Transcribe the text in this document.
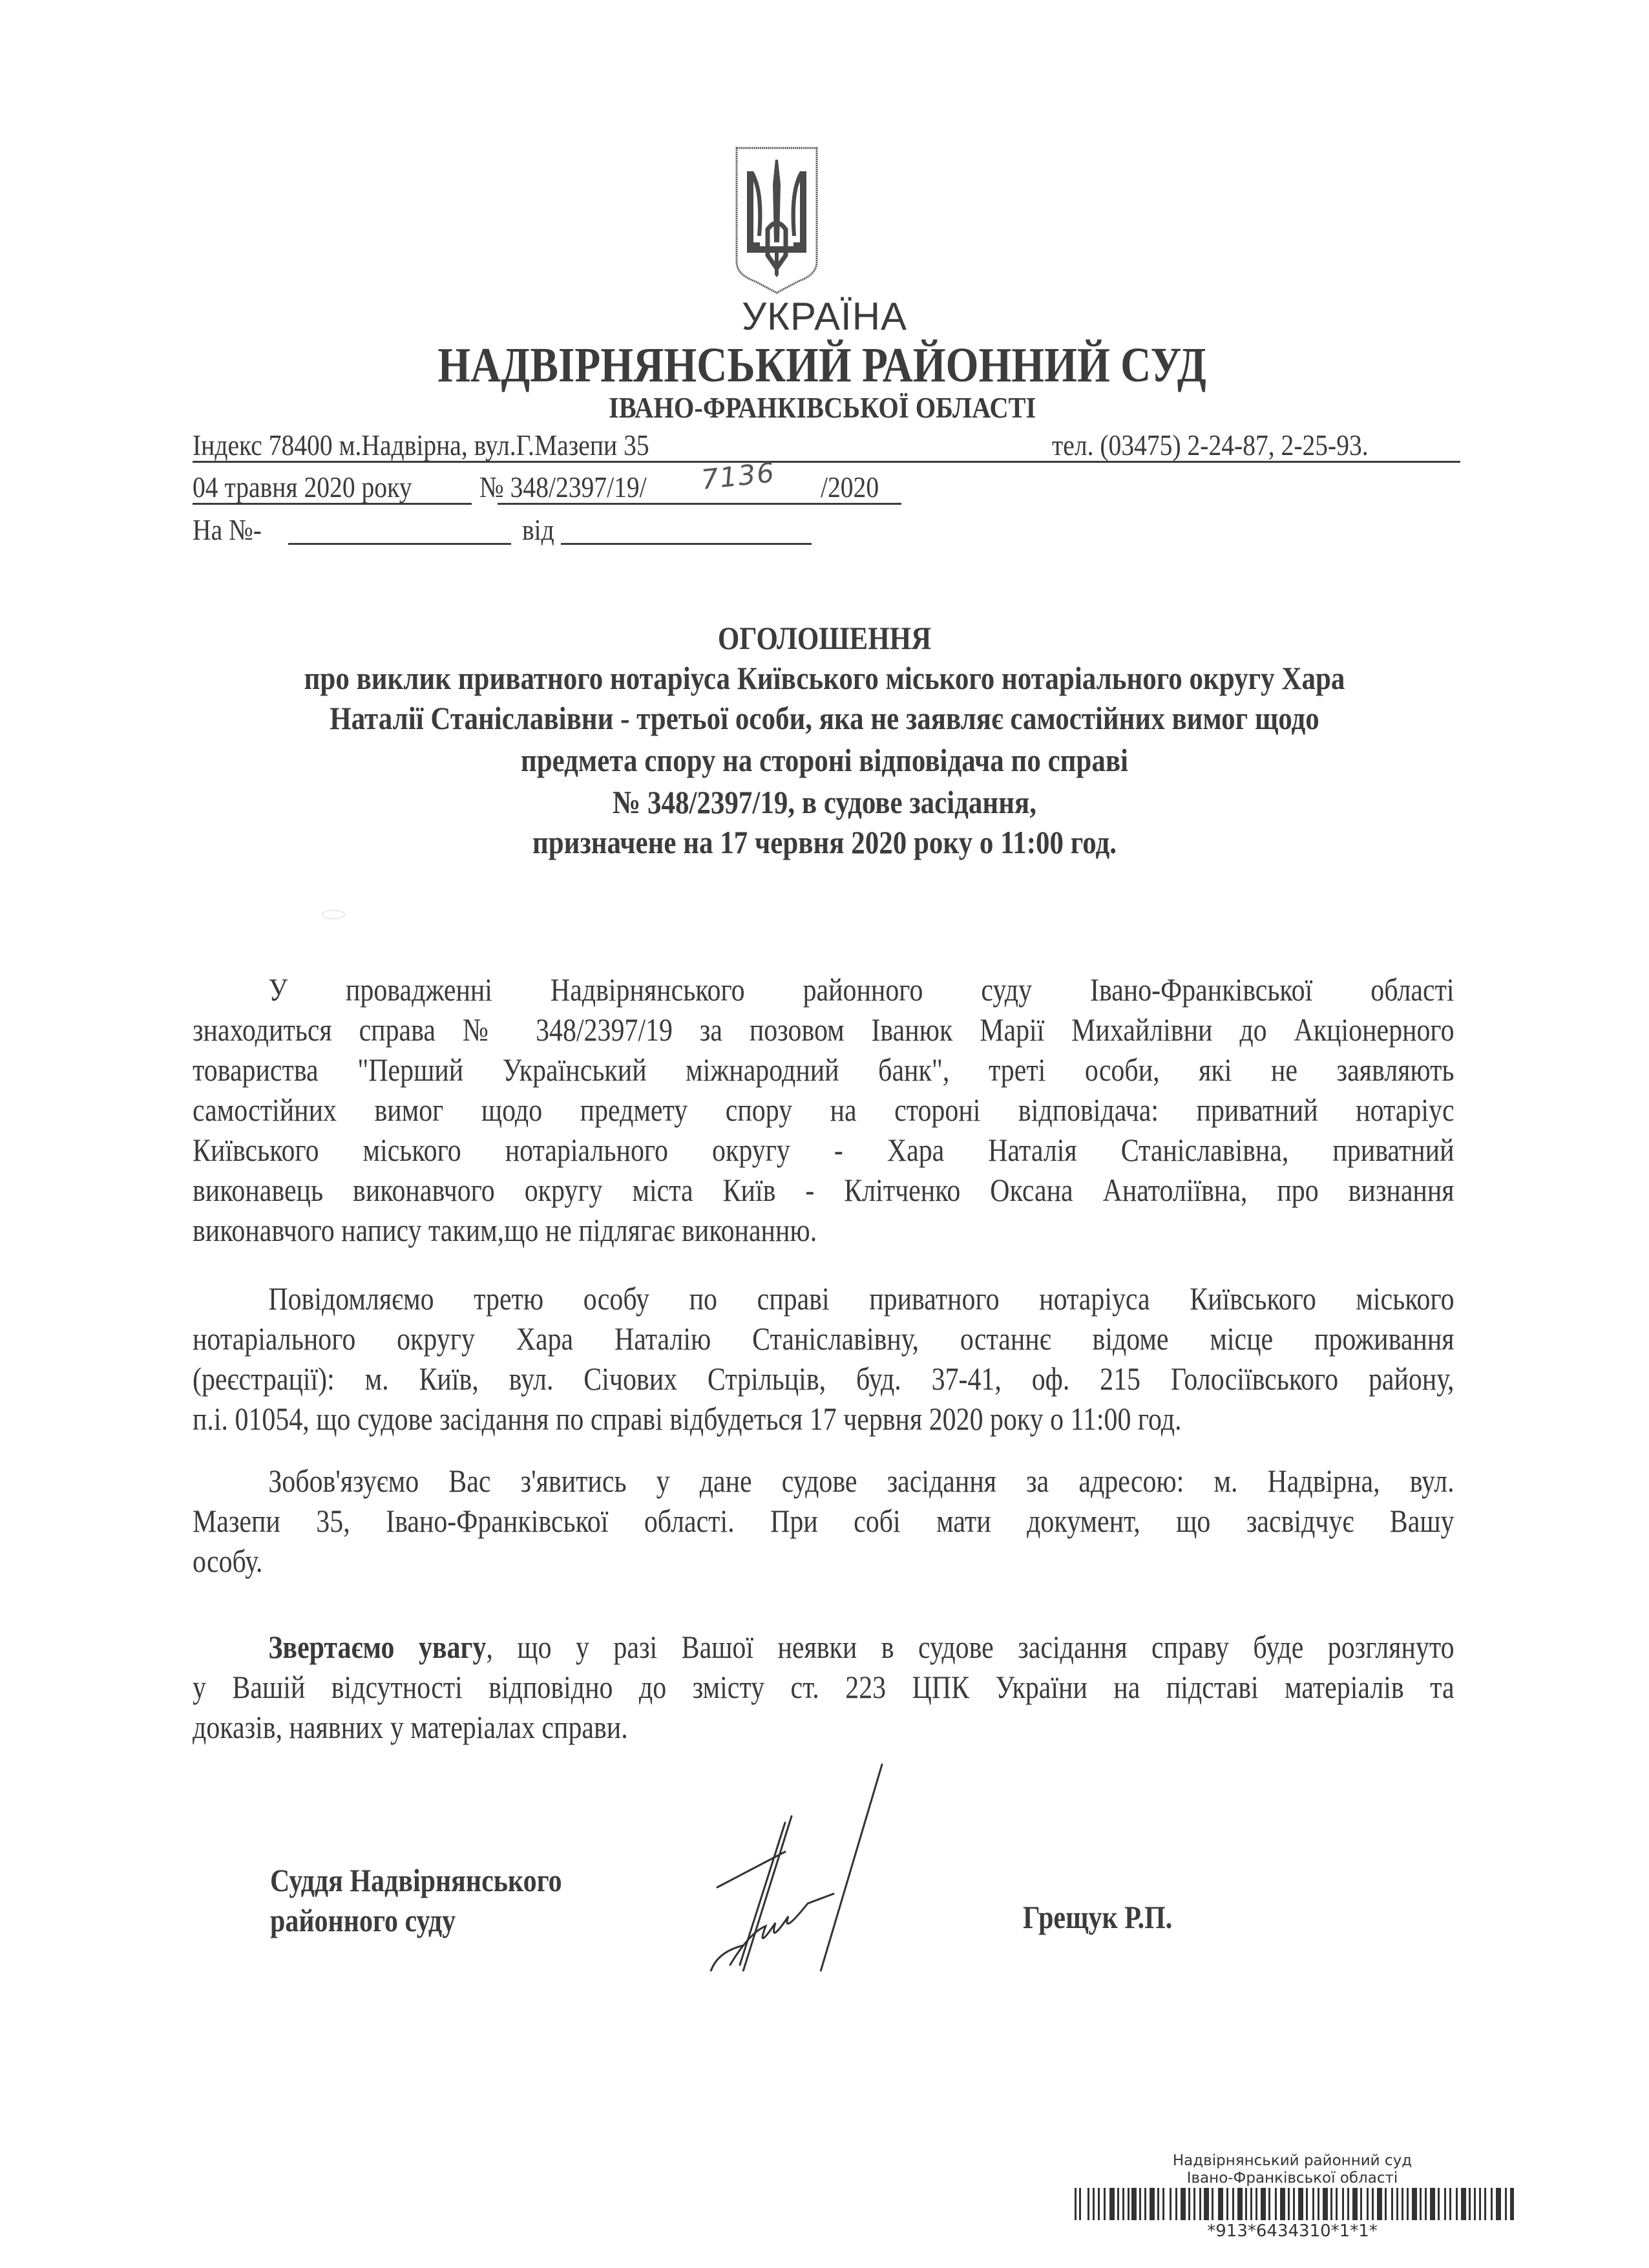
УКРАЇНА
НАДВІРНЯНСЬКИЙ РАЙОННИЙ СУД
ІВАНО-ФРАНКІВСЬКОЇ ОБЛАСТІ
Індекс 78400 м.Надвірна, вул.Г.Мазепи 35	тел. (03475) 2-24-87, 2-25-93.
04 травня 2020 року № 348/2397/19/ 7136 /2020
На №-	від
ОГОЛОШЕННЯ
про виклик приватного нотаріуса Київського міського нотаріального округу Хара
Наталії Станіславівни - третьої особи, яка не заявляє самостійних вимог щодо
предмета спору на стороні відповідача по справі
№ 348/2397/19, в судове засідання,
призначене на 17 червня 2020 року о 11:00 год.
У провадженні Надвірнянського районного суду Івано-Франківської області
знаходиться справа № 348/2397/19 за позовом Іванюк Марії Михайлівни до Акціонерного
товариства "Перший Український міжнародний банк", треті особи, які не заявляють
самостійних вимог щодо предмету спору на стороні відповідача: приватний нотаріус
Київського міського нотаріального округу - Хара Наталія Станіславівна, приватний
виконавець виконавчого округу міста Київ - Клітченко Оксана Анатоліївна, про визнання
виконавчого напису таким,що не підлягає виконанню.
Повідомляємо третю особу по справі приватного нотаріуса Київського міського
нотаріального округу Хара Наталію Станіславівну, останнє відоме місце проживання
(реєстрації): м. Київ, вул. Січових Стрільців, буд. 37-41, оф. 215 Голосіївського району,
п.і. 01054, що судове засідання по справі відбудеться 17 червня 2020 року о 11:00 год.
Зобов'язуємо Вас з'явитись у дане судове засідання за адресою: м. Надвірна, вул.
Мазепи 35, Івано-Франківської області. При собі мати документ, що засвідчує Вашу
особу.
Звертаємо увагу, що у разі Вашої неявки в судове засідання справу буде розглянуто
у Вашій відсутності відповідно до змісту ст. 223 ЦПК України на підставі матеріалів та
доказів, наявних у матеріалах справи.
Суддя Надвірнянського
районного суду	Грещук Р.П.
Надвірнянський районний суд
Івано-Франківської області
*913*6434310*1*1*
